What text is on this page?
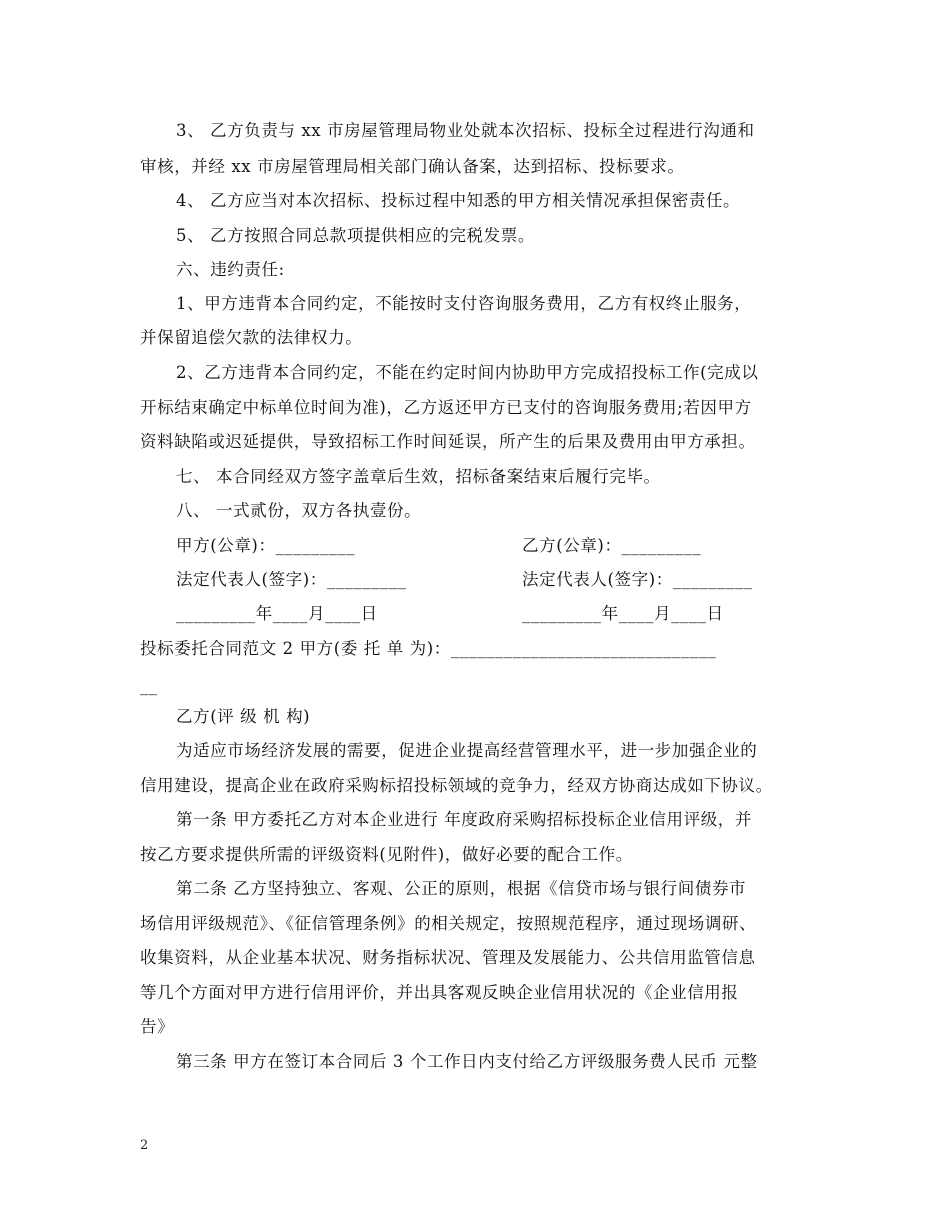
3、 乙方负责与 xx 市房屋管理局物业处就本次招标、投标全过程进行沟通和
审核，并经 xx 市房屋管理局相关部门确认备案，达到招标、投标要求。
4、 乙方应当对本次招标、投标过程中知悉的甲方相关情况承担保密责任。
5、 乙方按照合同总款项提供相应的完税发票。
六、违约责任:
1、甲方违背本合同约定，不能按时支付咨询服务费用，乙方有权终止服务，
并保留追偿欠款的法律权力。
2、乙方违背本合同约定，不能在约定时间内协助甲方完成招投标工作(完成以
开标结束确定中标单位时间为准)，乙方返还甲方已支付的咨询服务费用;若因甲方
资料缺陷或迟延提供，导致招标工作时间延误，所产生的后果及费用由甲方承担。
七、 本合同经双方签字盖章后生效，招标备案结束后履行完毕。
八、 一式贰份，双方各执壹份。
甲方(公章)：_________	乙方(公章)：_________
法定代表人(签字)：_________	法定代表人(签字)：_________
_________年____月____日	_________年____月____日
投标委托合同范文 2 甲方(委 托 单 为)：______________________________
__
乙方(评 级 机 构)
为适应市场经济发展的需要，促进企业提高经营管理水平，进一步加强企业的
信用建设，提高企业在政府采购标招投标领域的竞争力，经双方协商达成如下协议。
第一条 甲方委托乙方对本企业进行 年度政府采购招标投标企业信用评级，并
按乙方要求提供所需的评级资料(见附件)，做好必要的配合工作。
第二条 乙方坚持独立、客观、公正的原则，根据《信贷市场与银行间债券市
场信用评级规范》、《征信管理条例》的相关规定，按照规范程序，通过现场调研、
收集资料，从企业基本状况、财务指标状况、管理及发展能力、公共信用监管信息
等几个方面对甲方进行信用评价，并出具客观反映企业信用状况的《企业信用报
告》
第三条 甲方在签订本合同后 3 个工作日内支付给乙方评级服务费人民币 元整
2
